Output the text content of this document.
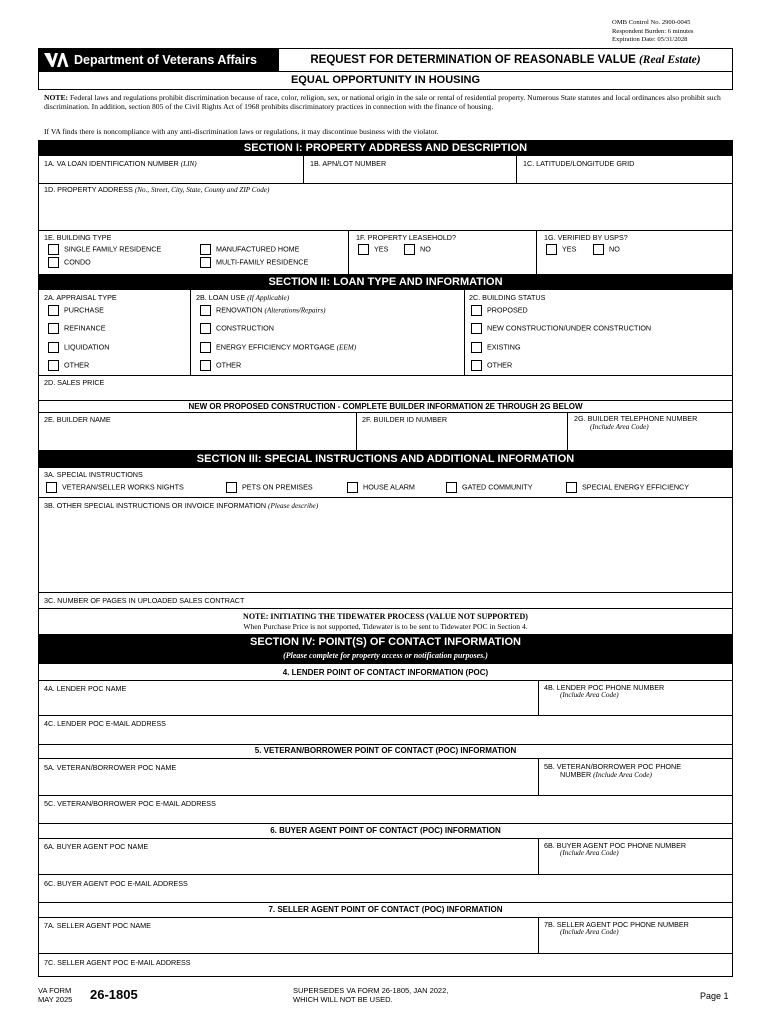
OMB Control No. 2900-0045
Respondent Burden: 6 minutes
Expiration Date: 05/31/2028
Department of Veterans Affairs	REQUEST FOR DETERMINATION OF REASONABLE VALUE (Real Estate)
EQUAL OPPORTUNITY IN HOUSING
NOTE: Federal laws and regulations prohibit discrimination because of race, color, religion, sex, or national origin in the sale or rental of residential property. Numerous State statutes and local ordinances also prohibit such discrimination. In addition, section 805 of the Civil Rights Act of 1968 prohibits discriminatory practices in connection with the finance of housing.
If VA finds there is noncompliance with any anti-discrimination laws or regulations, it may discontinue business with the violator.
SECTION I: PROPERTY ADDRESS AND DESCRIPTION
1A. VA LOAN IDENTIFICATION NUMBER (LIN)	1B. APN/LOT NUMBER	1C. LATITUDE/LONGITUDE GRID
1D. PROPERTY ADDRESS (No., Street, City, State, County and ZIP Code)
1E. BUILDING TYPE
SINGLE FAMILY RESIDENCE	MANUFACTURED HOME
CONDO	MULTI-FAMILY RESIDENCE
1F. PROPERTY LEASEHOLD?
YES	NO
1G. VERIFIED BY USPS?
YES	NO
SECTION II: LOAN TYPE AND INFORMATION
2A. APPRAISAL TYPE
PURCHASE
REFINANCE
LIQUIDATION
OTHER
2B. LOAN USE (If Applicable)
RENOVATION (Alterations/Repairs)
CONSTRUCTION
ENERGY EFFICIENCY MORTGAGE (EEM)
OTHER
2C. BUILDING STATUS
PROPOSED
NEW CONSTRUCTION/UNDER CONSTRUCTION
EXISTING
OTHER
2D. SALES PRICE
NEW OR PROPOSED CONSTRUCTION - COMPLETE BUILDER INFORMATION 2E THROUGH 2G BELOW
2E. BUILDER NAME	2F. BUILDER ID NUMBER	2G. BUILDER TELEPHONE NUMBER
(Include Area Code)
SECTION III: SPECIAL INSTRUCTIONS AND ADDITIONAL INFORMATION
3A. SPECIAL INSTRUCTIONS
VETERAN/SELLER WORKS NIGHTS	PETS ON PREMISES	HOUSE ALARM	GATED COMMUNITY	SPECIAL ENERGY EFFICIENCY
3B. OTHER SPECIAL INSTRUCTIONS OR INVOICE INFORMATION (Please describe)
3C. NUMBER OF PAGES IN UPLOADED SALES CONTRACT
NOTE: INITIATING THE TIDEWATER PROCESS (VALUE NOT SUPPORTED)
When Purchase Price is not supported, Tidewater is to be sent to Tidewater POC in Section 4.
SECTION IV: POINT(S) OF CONTACT INFORMATION
(Please complete for property access or notification purposes.)
4. LENDER POINT OF CONTACT INFORMATION (POC)
4A. LENDER POC NAME	4B. LENDER POC PHONE NUMBER
(Include Area Code)
4C. LENDER POC E-MAIL ADDRESS
5. VETERAN/BORROWER POINT OF CONTACT (POC) INFORMATION
5A. VETERAN/BORROWER POC NAME	5B. VETERAN/BORROWER POC PHONE
NUMBER (Include Area Code)
5C. VETERAN/BORROWER POC E-MAIL ADDRESS
6. BUYER AGENT POINT OF CONTACT (POC) INFORMATION
6A. BUYER AGENT POC NAME	6B. BUYER AGENT POC PHONE NUMBER
(Include Area Code)
6C. BUYER AGENT POC E-MAIL ADDRESS
7. SELLER AGENT POINT OF CONTACT (POC) INFORMATION
7A. SELLER AGENT POC NAME	7B. SELLER AGENT POC PHONE NUMBER
(Include Area Code)
7C. SELLER AGENT POC E-MAIL ADDRESS
VA FORM
MAY 2025 26-1805	SUPERSEDES VA FORM 26-1805, JAN 2022,
WHICH WILL NOT BE USED.	Page 1
